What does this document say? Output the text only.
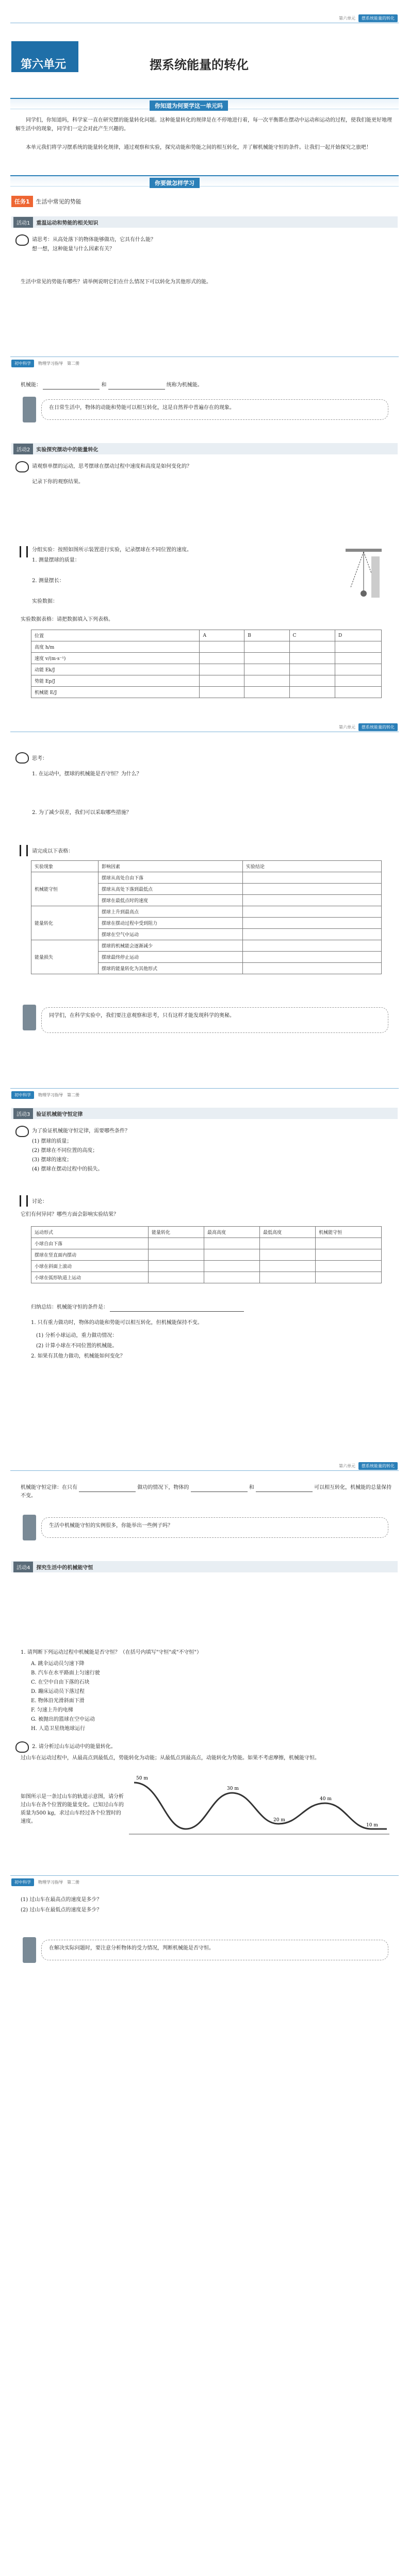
第六单元	摆系统能量的转化
第六单元	摆系统能量的转化
你知道为何要学这一单元吗
同学们，你知道吗，科学家一直在研究摆的能量转化问题。这种能量转化的规律是在不停地进行着，每一次平衡都在摆动中运动和运动的过程，使我们能更好地理解生活中的现象，同学们一定会对此产生兴趣的。
本单元我们将学习摆系统的能量转化规律，通过观察和实验，探究动能和势能之间的相互转化，并了解机械能守恒的条件。让我们一起开始探究之旅吧！
你要做怎样学习
任务1	生活中常见的势能
活动1	重温运动和势能的相关知识
请思考：从高处落下的物体能够做功，它具有什么能？
想一想，这种能量与什么因素有关？
生活中常见的势能有哪些？请举例说明它们在什么情况下可以转化为其他形式的能。
初中科学	物理学习指导 第二册
机械能：	和	统称为机械能。
在日常生活中，物体的动能和势能可以相互转化，这是自然界中普遍存在的现象。
活动2	实验探究摆动中的能量转化
请观察单摆的运动，思考摆球在摆动过程中速度和高度是如何变化的？
记录下你的观察结果。
分组实验：按照如图所示装置进行实验，记录摆球在不同位置的速度。
1. 测量摆球的质量：
2. 测量摆长：
实验数据：
实验数据表格：请把数据填入下列表格。
位置	A	B	C	D
高度 h/m				
速度 v/(m·s⁻¹)				
动能 Ek/J				
势能 Ep/J				
机械能 E/J				
第六单元	摆系统能量的转化
思考：
1. 在运动中，摆球的机械能是否守恒？为什么？
2. 为了减少误差，我们可以采取哪些措施？
请完成以下表格：
实验现象	影响因素	实验结论
机械能守恒	摆球从高处自由下落	
	摆球从高处下落到最低点	
	摆球在最低点时的速度	
能量转化	摆球上升到最高点	
	摆球在摆动过程中受到阻力	
	摆球在空气中运动	
能量损失	摆球的机械能会逐渐减少	
	摆球最终停止运动	
	摆球的能量转化为其他形式	
同学们，在科学实验中，我们要注意观察和思考，只有这样才能发现科学的奥秘。
初中科学	物理学习指导 第二册
活动3	验证机械能守恒定律
为了验证机械能守恒定律，需要哪些条件？
(1) 摆球的质量；
(2) 摆球在不同位置的高度；
(3) 摆球的速度；
(4) 摆球在摆动过程中的损失。
讨论：
它们有何异同？哪些方面会影响实验结果？
运动形式	能量转化	最高高度	最低高度	机械能守恒
小球自由下落				
摆球在竖直面内摆动				
小球在斜面上滚动				
小球在弧形轨道上运动				
归纳总结：机械能守恒的条件是：
1. 只有重力做功时，物体的动能和势能可以相互转化，但机械能保持不变。
(1) 分析小球运动，重力做功情况：
(2) 计算小球在不同位置的机械能。
2. 如果有其他力做功，机械能如何变化？
第六单元	摆系统能量的转化
机械能守恒定律：在只有	做功的情况下，物体的	和	可以相互转化，机械能的总量保持不变。
生活中机械能守恒的实例很多，你能举出一些例子吗？
活动4	探究生活中的机械能守恒
1. 请判断下列运动过程中机械能是否守恒？（在括号内填写"守恒"或"不守恒"）
A. 跳伞运动员匀速下降
B. 汽车在水平路面上匀速行驶
C. 在空中自由下落的石块
D. 蹦床运动员下落过程
E. 物体沿光滑斜面下滑
F. 匀速上升的电梯
G. 被抛出的篮球在空中运动
H. 人造卫星绕地球运行
2. 请分析过山车运动中的能量转化。
过山车在运动过程中，从最高点到最低点，势能转化为动能；从最低点到最高点，动能转化为势能。如果不考虑摩擦，机械能守恒。
如图所示是一条过山车的轨道示意图，请分析过山车在各个位置的能量变化。已知过山车的质量为500 kg，求过山车经过各个位置时的速度。
50 m
30 m
40 m
20 m
10 m
初中科学	物理学习指导 第二册
(1) 过山车在最高点的速度是多少？
(2) 过山车在最低点的速度是多少？
在解决实际问题时，要注意分析物体的受力情况，判断机械能是否守恒。
